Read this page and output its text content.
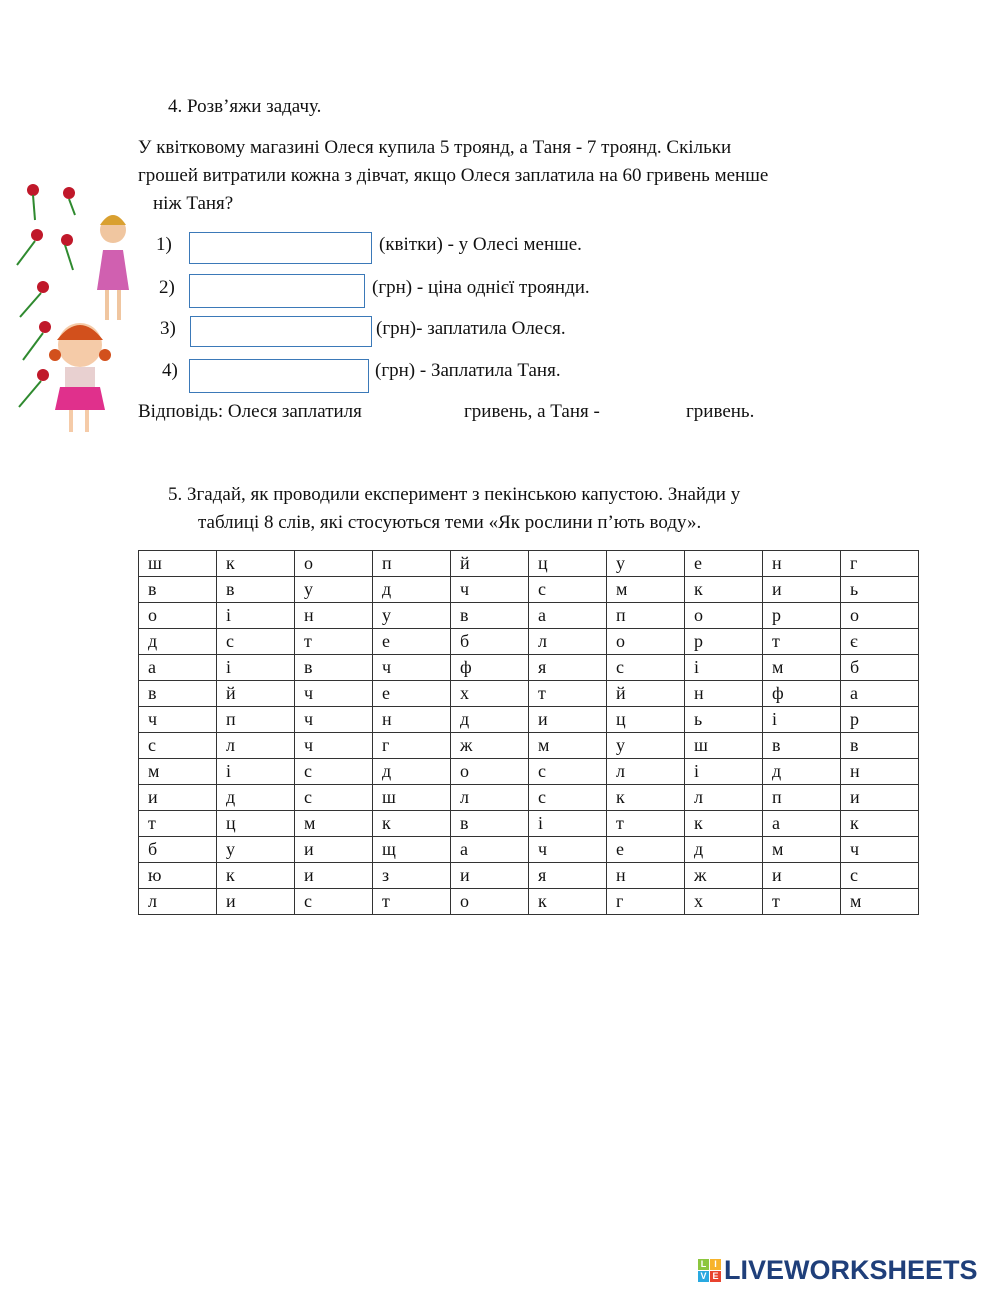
4. Розв’яжи задачу.
У квітковому магазині Олеся купила 5 троянд, а Таня - 7 троянд. Скільки
грошей витратили кожна з дівчат, якщо Олеся заплатила на 60 гривень менше
ніж Таня?
1)	(квітки) - у Олесі менше.
2)	(грн) - ціна однієї троянди.
3)	(грн)- заплатила Олеся.
4)	(грн) - Заплатила Таня.
Відповідь: Олеся заплатиля	гривень, а Таня -	гривень.
5. Згадай, як проводили експеримент з пекінською капустою. Знайди у
таблиці 8 слів, які стосуються теми «Як рослини п’ють воду».
ш	к	о	п	й	ц	у	е	н	г
в	в	у	д	ч	с	м	к	и	ь
о	і	н	у	в	а	п	о	р	о
д	с	т	е	б	л	о	р	т	є
а	і	в	ч	ф	я	с	і	м	б
в	й	ч	е	х	т	й	н	ф	а
ч	п	ч	н	д	и	ц	ь	і	р
с	л	ч	г	ж	м	у	ш	в	в
м	і	с	д	о	с	л	і	д	н
и	д	с	ш	л	с	к	л	п	и
т	ц	м	к	в	і	т	к	а	к
б	у	и	щ	а	ч	е	д	м	ч
ю	к	и	з	и	я	н	ж	и	с
л	и	с	т	о	к	г	х	т	м
L I
V E LIVEWORKSHEETS
